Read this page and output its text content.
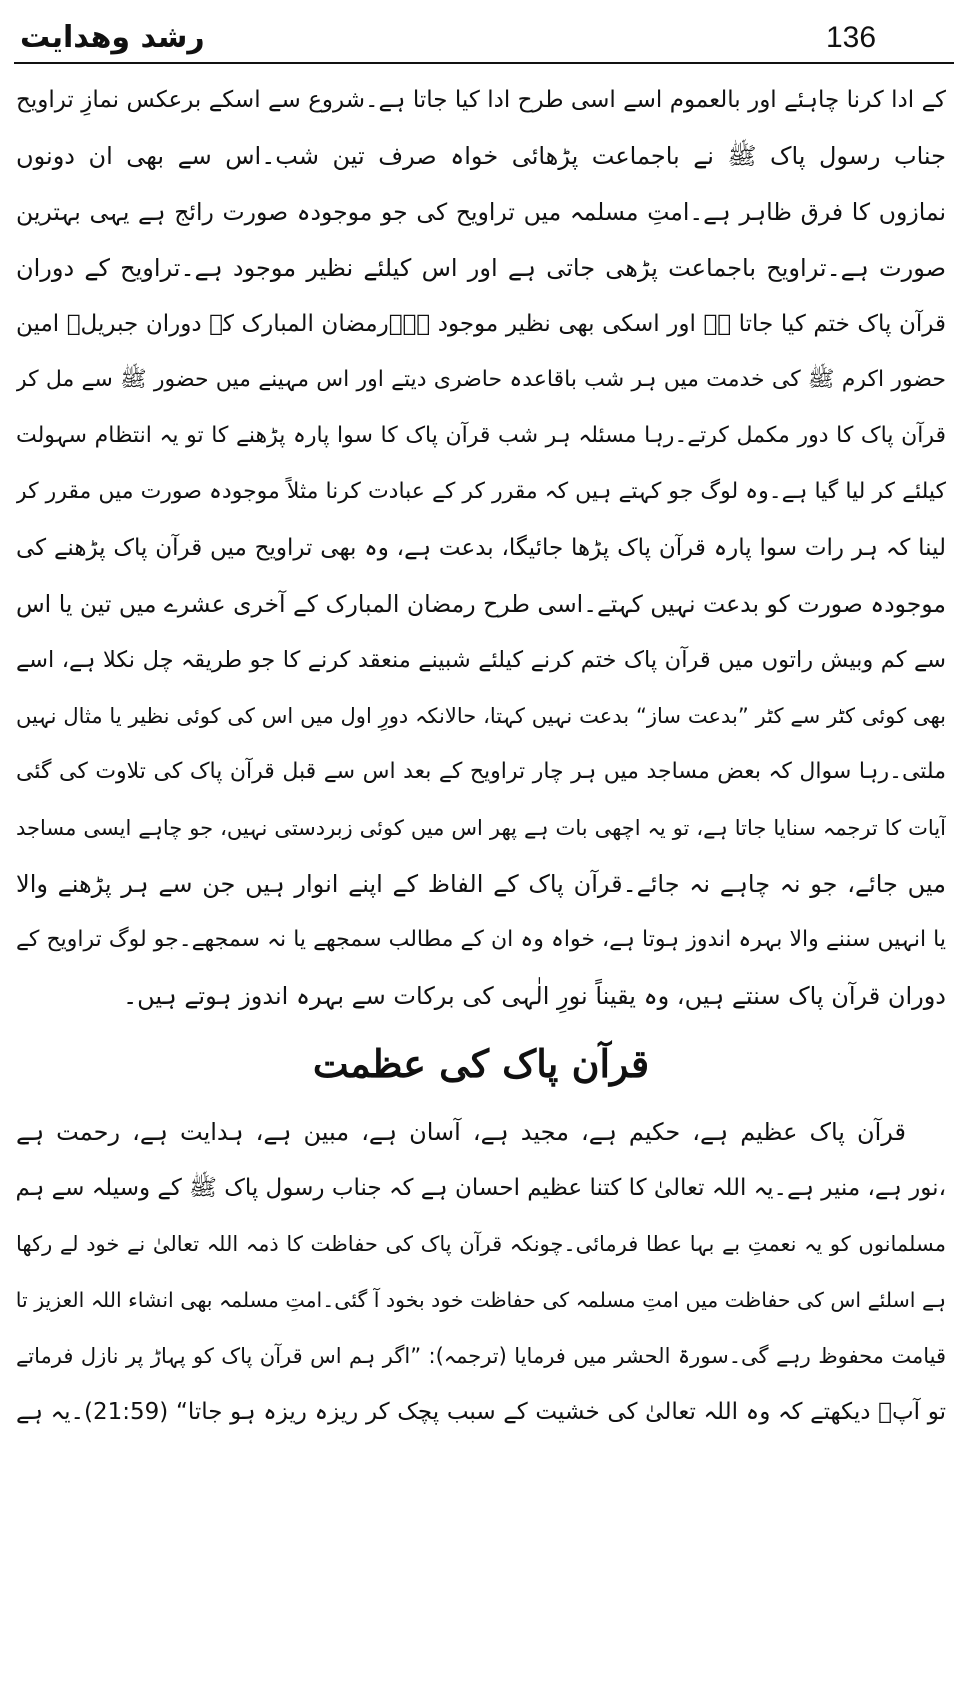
رشد وهدایت	136
کے ادا کرنا چاہئے اور بالعموم اسے اسی طرح ادا کیا جاتا ہے۔شروع سے اسکے برعکس نمازِ تراویح
جناب رسول پاک ﷺ نے باجماعت پڑھائی خواہ صرف تین شب۔اس سے بھی ان دونوں
نمازوں کا فرق ظاہر ہے۔امتِ مسلمہ میں تراویح کی جو موجودہ صورت رائج ہے یہی بہترین
صورت ہے۔تراویح باجماعت پڑھی جاتی ہے اور اس کیلئے نظیر موجود ہے۔تراویح کے دوران
قرآن پاک ختم کیا جاتا ہے اور اسکی بھی نظیر موجود ہے۔رمضان المبارک کے دوران جبریلؑ امین
حضور اکرم ﷺ کی خدمت میں ہر شب باقاعدہ حاضری دیتے اور اس مہینے میں حضور ﷺ سے مل کر
قرآن پاک کا دور مکمل کرتے۔رہا مسئلہ ہر شب قرآن پاک کا سوا پارہ پڑھنے کا تو یہ انتظام سہولت
کیلئے کر لیا گیا ہے۔وہ لوگ جو کہتے ہیں کہ مقرر کر کے عبادت کرنا مثلاً موجودہ صورت میں مقرر کر
لینا کہ ہر رات سوا پارہ قرآن پاک پڑھا جائیگا، بدعت ہے، وہ بھی تراویح میں قرآن پاک پڑھنے کی
موجودہ صورت کو بدعت نہیں کہتے۔اسی طرح رمضان المبارک کے آخری عشرے میں تین یا اس
سے کم وبیش راتوں میں قرآن پاک ختم کرنے کیلئے شبینے منعقد کرنے کا جو طریقہ چل نکلا ہے، اسے
بھی کوئی کٹر سے کٹر ”بدعت ساز“ بدعت نہیں کہتا، حالانکہ دورِ اول میں اس کی کوئی نظیر یا مثال نہیں
ملتی۔رہا سوال کہ بعض مساجد میں ہر چار تراویح کے بعد اس سے قبل قرآن پاک کی تلاوت کی گئی
آیات کا ترجمہ سنایا جاتا ہے، تو یہ اچھی بات ہے پھر اس میں کوئی زبردستی نہیں، جو چاہے ایسی مساجد
میں جائے، جو نہ چاہے نہ جائے۔قرآن پاک کے الفاظ کے اپنے انوار ہیں جن سے ہر پڑھنے والا
یا انہیں سننے والا بہرہ اندوز ہوتا ہے، خواہ وہ ان کے مطالب سمجھے یا نہ سمجھے۔جو لوگ تراویح کے
دوران قرآن پاک سنتے ہیں، وہ یقیناً نورِ الٰہی کی برکات سے بہرہ اندوز ہوتے ہیں۔
قرآن پاک کی عظمت
قرآن پاک عظیم ہے، حکیم ہے، مجید ہے، آسان ہے، مبین ہے، ہدایت ہے، رحمت ہے
،نور ہے، منیر ہے۔یہ اللہ تعالیٰ کا کتنا عظیم احسان ہے کہ جناب رسول پاک ﷺ کے وسیلہ سے ہم
مسلمانوں کو یہ نعمتِ بے بہا عطا فرمائی۔چونکہ قرآن پاک کی حفاظت کا ذمہ اللہ تعالیٰ نے خود لے رکھا
ہے اسلئے اس کی حفاظت میں امتِ مسلمہ کی حفاظت خود بخود آ گئی۔امتِ مسلمہ بھی انشاء اللہ العزیز تا
قیامت محفوظ رہے گی۔سورۃ الحشر میں فرمایا (ترجمہ): ”اگر ہم اس قرآن پاک کو پہاڑ پر نازل فرماتے
تو آپؐ دیکھتے کہ وہ اللہ تعالیٰ کی خشیت کے سبب پچک کر ریزہ ریزہ ہو جاتا“ (21:59)۔یہ ہے
